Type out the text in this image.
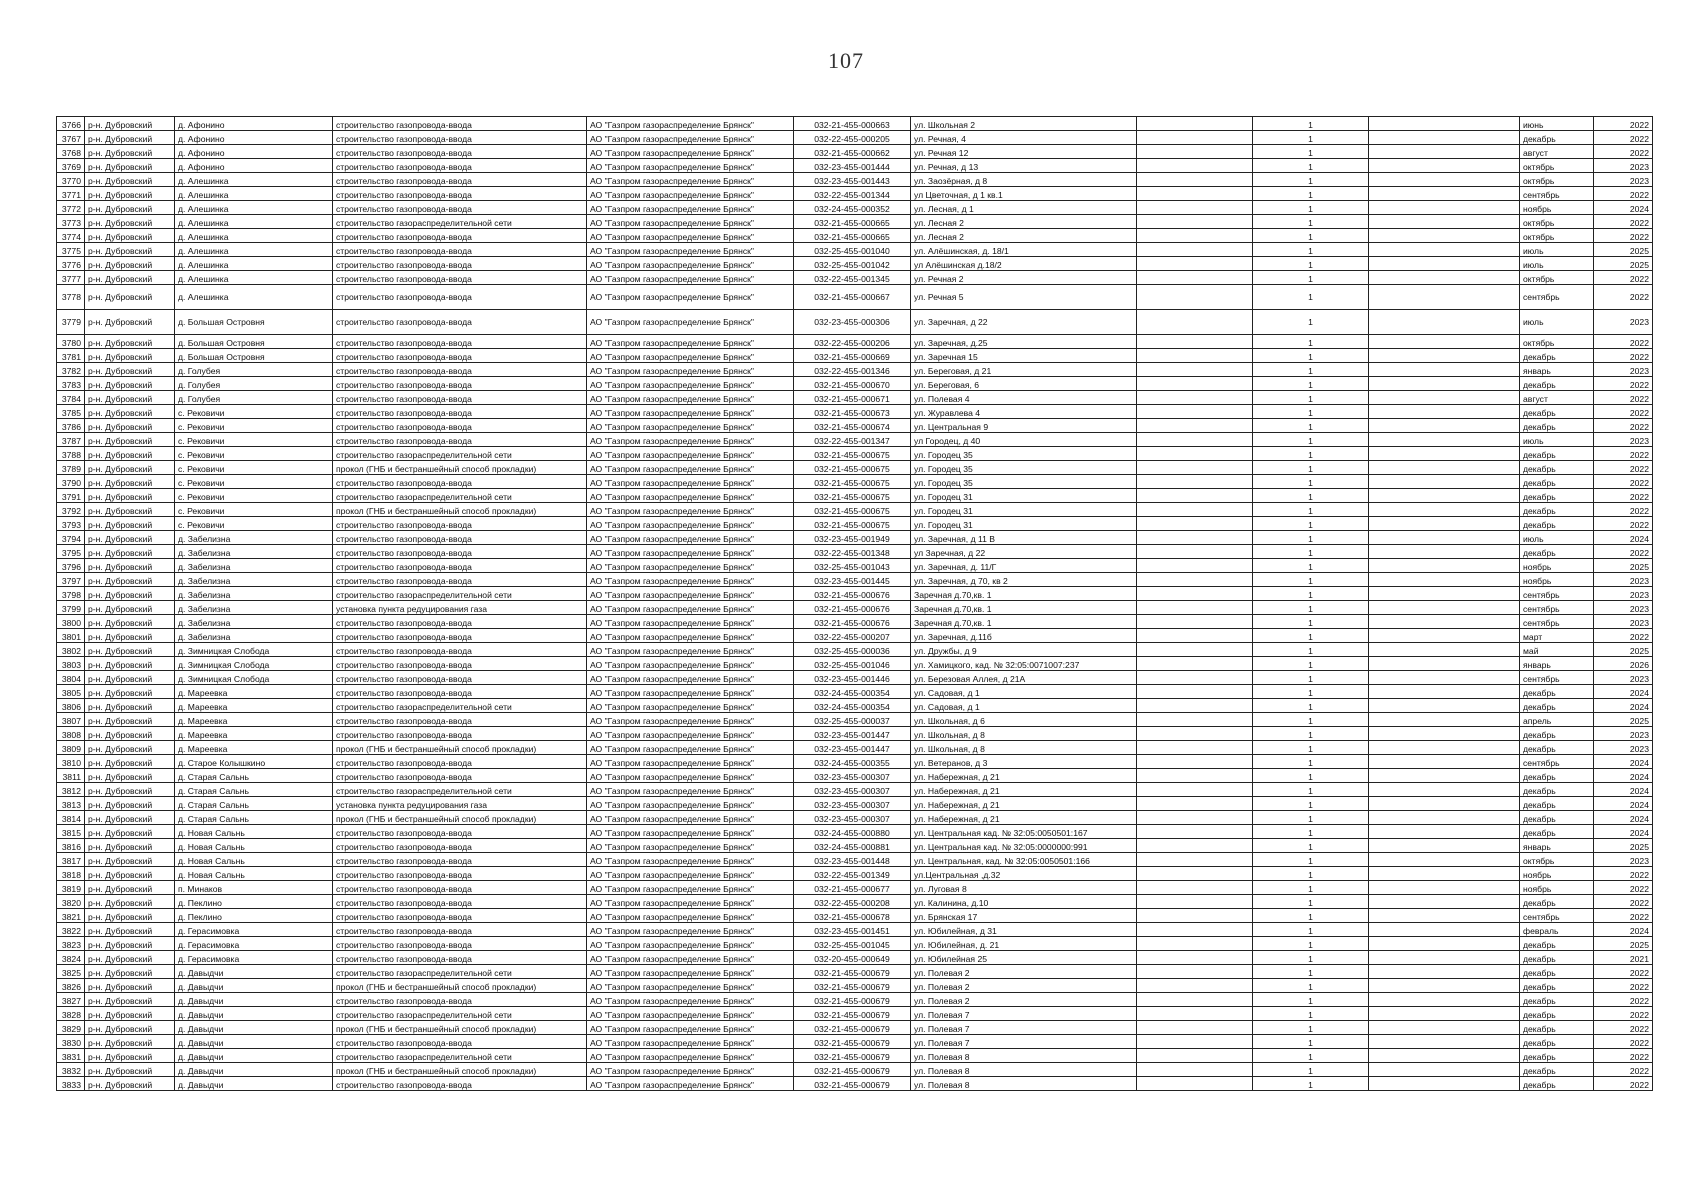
107
3766	р-н. Дубровский	д. Афонино	строительство газопровода-ввода	АО "Газпром газораспределение Брянск"	032-21-455-000663	ул. Школьная 2		1		июнь	2022
3767	р-н. Дубровский	д. Афонино	строительство газопровода-ввода	АО "Газпром газораспределение Брянск"	032-22-455-000205	ул. Речная, 4		1		декабрь	2022
3768	р-н. Дубровский	д. Афонино	строительство газопровода-ввода	АО "Газпром газораспределение Брянск"	032-21-455-000662	ул. Речная 12		1		август	2022
3769	р-н. Дубровский	д. Афонино	строительство газопровода-ввода	АО "Газпром газораспределение Брянск"	032-23-455-001444	ул. Речная, д 13		1		октябрь	2023
3770	р-н. Дубровский	д. Алешинка	строительство газопровода-ввода	АО "Газпром газораспределение Брянск"	032-23-455-001443	ул. Заозёрная, д 8		1		октябрь	2023
3771	р-н. Дубровский	д. Алешинка	строительство газопровода-ввода	АО "Газпром газораспределение Брянск"	032-22-455-001344	ул Цветочная, д 1 кв.1		1		сентябрь	2022
3772	р-н. Дубровский	д. Алешинка	строительство газопровода-ввода	АО "Газпром газораспределение Брянск"	032-24-455-000352	ул. Лесная, д 1		1		ноябрь	2024
3773	р-н. Дубровский	д. Алешинка	строительство газораспределительной сети	АО "Газпром газораспределение Брянск"	032-21-455-000665	ул. Лесная 2		1		октябрь	2022
3774	р-н. Дубровский	д. Алешинка	строительство газопровода-ввода	АО "Газпром газораспределение Брянск"	032-21-455-000665	ул. Лесная 2		1		октябрь	2022
3775	р-н. Дубровский	д. Алешинка	строительство газопровода-ввода	АО "Газпром газораспределение Брянск"	032-25-455-001040	ул. Алёшинская, д. 18/1		1		июль	2025
3776	р-н. Дубровский	д. Алешинка	строительство газопровода-ввода	АО "Газпром газораспределение Брянск"	032-25-455-001042	ул Алёшинская д.18/2		1		июль	2025
3777	р-н. Дубровский	д. Алешинка	строительство газопровода-ввода	АО "Газпром газораспределение Брянск"	032-22-455-001345	ул. Речная 2		1		октябрь	2022
3778	р-н. Дубровский	д. Алешинка	строительство газопровода-ввода	АО "Газпром газораспределение Брянск"	032-21-455-000667	ул. Речная 5		1		сентябрь	2022
3779	р-н. Дубровский	д. Большая Островня	строительство газопровода-ввода	АО "Газпром газораспределение Брянск"	032-23-455-000306	ул. Заречная, д 22		1		июль	2023
3780	р-н. Дубровский	д. Большая Островня	строительство газопровода-ввода	АО "Газпром газораспределение Брянск"	032-22-455-000206	ул. Заречная, д.25		1		октябрь	2022
3781	р-н. Дубровский	д. Большая Островня	строительство газопровода-ввода	АО "Газпром газораспределение Брянск"	032-21-455-000669	ул. Заречная 15		1		декабрь	2022
3782	р-н. Дубровский	д. Голубея	строительство газопровода-ввода	АО "Газпром газораспределение Брянск"	032-22-455-001346	ул. Береговая, д 21		1		январь	2023
3783	р-н. Дубровский	д. Голубея	строительство газопровода-ввода	АО "Газпром газораспределение Брянск"	032-21-455-000670	ул. Береговая, 6		1		декабрь	2022
3784	р-н. Дубровский	д. Голубея	строительство газопровода-ввода	АО "Газпром газораспределение Брянск"	032-21-455-000671	ул. Полевая 4		1		август	2022
3785	р-н. Дубровский	с. Рековичи	строительство газопровода-ввода	АО "Газпром газораспределение Брянск"	032-21-455-000673	ул. Журавлева 4		1		декабрь	2022
3786	р-н. Дубровский	с. Рековичи	строительство газопровода-ввода	АО "Газпром газораспределение Брянск"	032-21-455-000674	ул. Центральная 9		1		декабрь	2022
3787	р-н. Дубровский	с. Рековичи	строительство газопровода-ввода	АО "Газпром газораспределение Брянск"	032-22-455-001347	ул Городец, д 40		1		июль	2023
3788	р-н. Дубровский	с. Рековичи	строительство газораспределительной сети	АО "Газпром газораспределение Брянск"	032-21-455-000675	ул. Городец 35		1		декабрь	2022
3789	р-н. Дубровский	с. Рековичи	прокол (ГНБ и бестраншейный способ прокладки)	АО "Газпром газораспределение Брянск"	032-21-455-000675	ул. Городец 35		1		декабрь	2022
3790	р-н. Дубровский	с. Рековичи	строительство газопровода-ввода	АО "Газпром газораспределение Брянск"	032-21-455-000675	ул. Городец 35		1		декабрь	2022
3791	р-н. Дубровский	с. Рековичи	строительство газораспределительной сети	АО "Газпром газораспределение Брянск"	032-21-455-000675	ул. Городец 31		1		декабрь	2022
3792	р-н. Дубровский	с. Рековичи	прокол (ГНБ и бестраншейный способ прокладки)	АО "Газпром газораспределение Брянск"	032-21-455-000675	ул. Городец 31		1		декабрь	2022
3793	р-н. Дубровский	с. Рековичи	строительство газопровода-ввода	АО "Газпром газораспределение Брянск"	032-21-455-000675	ул. Городец 31		1		декабрь	2022
3794	р-н. Дубровский	д. Забелизна	строительство газопровода-ввода	АО "Газпром газораспределение Брянск"	032-23-455-001949	ул. Заречная, д 11 В		1		июль	2024
3795	р-н. Дубровский	д. Забелизна	строительство газопровода-ввода	АО "Газпром газораспределение Брянск"	032-22-455-001348	ул Заречная, д 22		1		декабрь	2022
3796	р-н. Дубровский	д. Забелизна	строительство газопровода-ввода	АО "Газпром газораспределение Брянск"	032-25-455-001043	ул. Заречная, д. 11/Г		1		ноябрь	2025
3797	р-н. Дубровский	д. Забелизна	строительство газопровода-ввода	АО "Газпром газораспределение Брянск"	032-23-455-001445	ул. Заречная, д 70, кв 2		1		ноябрь	2023
3798	р-н. Дубровский	д. Забелизна	строительство газораспределительной сети	АО "Газпром газораспределение Брянск"	032-21-455-000676	Заречная д.70,кв. 1		1		сентябрь	2023
3799	р-н. Дубровский	д. Забелизна	установка пункта редуцирования газа	АО "Газпром газораспределение Брянск"	032-21-455-000676	Заречная д.70,кв. 1		1		сентябрь	2023
3800	р-н. Дубровский	д. Забелизна	строительство газопровода-ввода	АО "Газпром газораспределение Брянск"	032-21-455-000676	Заречная д.70,кв. 1		1		сентябрь	2023
3801	р-н. Дубровский	д. Забелизна	строительство газопровода-ввода	АО "Газпром газораспределение Брянск"	032-22-455-000207	ул. Заречная, д.11б		1		март	2022
3802	р-н. Дубровский	д. Зимницкая Слобода	строительство газопровода-ввода	АО "Газпром газораспределение Брянск"	032-25-455-000036	ул. Дружбы, д 9		1		май	2025
3803	р-н. Дубровский	д. Зимницкая Слобода	строительство газопровода-ввода	АО "Газпром газораспределение Брянск"	032-25-455-001046	ул. Хамицкого, кад. № 32:05:0071007:237		1		январь	2026
3804	р-н. Дубровский	д. Зимницкая Слобода	строительство газопровода-ввода	АО "Газпром газораспределение Брянск"	032-23-455-001446	ул. Березовая Аллея, д 21А		1		сентябрь	2023
3805	р-н. Дубровский	д. Мареевка	строительство газопровода-ввода	АО "Газпром газораспределение Брянск"	032-24-455-000354	ул. Садовая, д 1		1		декабрь	2024
3806	р-н. Дубровский	д. Мареевка	строительство газораспределительной сети	АО "Газпром газораспределение Брянск"	032-24-455-000354	ул. Садовая, д 1		1		декабрь	2024
3807	р-н. Дубровский	д. Мареевка	строительство газопровода-ввода	АО "Газпром газораспределение Брянск"	032-25-455-000037	ул. Школьная, д 6		1		апрель	2025
3808	р-н. Дубровский	д. Мареевка	строительство газопровода-ввода	АО "Газпром газораспределение Брянск"	032-23-455-001447	ул. Школьная, д 8		1		декабрь	2023
3809	р-н. Дубровский	д. Мареевка	прокол (ГНБ и бестраншейный способ прокладки)	АО "Газпром газораспределение Брянск"	032-23-455-001447	ул. Школьная, д 8		1		декабрь	2023
3810	р-н. Дубровский	д. Старое Колышкино	строительство газопровода-ввода	АО "Газпром газораспределение Брянск"	032-24-455-000355	ул. Ветеранов, д 3		1		сентябрь	2024
3811	р-н. Дубровский	д. Старая Сальнь	строительство газопровода-ввода	АО "Газпром газораспределение Брянск"	032-23-455-000307	ул. Набережная, д 21		1		декабрь	2024
3812	р-н. Дубровский	д. Старая Сальнь	строительство газораспределительной сети	АО "Газпром газораспределение Брянск"	032-23-455-000307	ул. Набережная, д 21		1		декабрь	2024
3813	р-н. Дубровский	д. Старая Сальнь	установка пункта редуцирования газа	АО "Газпром газораспределение Брянск"	032-23-455-000307	ул. Набережная, д 21		1		декабрь	2024
3814	р-н. Дубровский	д. Старая Сальнь	прокол (ГНБ и бестраншейный способ прокладки)	АО "Газпром газораспределение Брянск"	032-23-455-000307	ул. Набережная, д 21		1		декабрь	2024
3815	р-н. Дубровский	д. Новая Сальнь	строительство газопровода-ввода	АО "Газпром газораспределение Брянск"	032-24-455-000880	ул. Центральная кад. № 32:05:0050501:167		1		декабрь	2024
3816	р-н. Дубровский	д. Новая Сальнь	строительство газопровода-ввода	АО "Газпром газораспределение Брянск"	032-24-455-000881	ул. Центральная кад. № 32:05:0000000:991		1		январь	2025
3817	р-н. Дубровский	д. Новая Сальнь	строительство газопровода-ввода	АО "Газпром газораспределение Брянск"	032-23-455-001448	ул. Центральная, кад. № 32:05:0050501:166		1		октябрь	2023
3818	р-н. Дубровский	д. Новая Сальнь	строительство газопровода-ввода	АО "Газпром газораспределение Брянск"	032-22-455-001349	ул.Центральная ,д.32		1		ноябрь	2022
3819	р-н. Дубровский	п. Минаков	строительство газопровода-ввода	АО "Газпром газораспределение Брянск"	032-21-455-000677	ул. Луговая 8		1		ноябрь	2022
3820	р-н. Дубровский	д. Пеклино	строительство газопровода-ввода	АО "Газпром газораспределение Брянск"	032-22-455-000208	ул. Калинина, д.10		1		декабрь	2022
3821	р-н. Дубровский	д. Пеклино	строительство газопровода-ввода	АО "Газпром газораспределение Брянск"	032-21-455-000678	ул. Брянская 17		1		сентябрь	2022
3822	р-н. Дубровский	д. Герасимовка	строительство газопровода-ввода	АО "Газпром газораспределение Брянск"	032-23-455-001451	ул. Юбилейная, д 31		1		февраль	2024
3823	р-н. Дубровский	д. Герасимовка	строительство газопровода-ввода	АО "Газпром газораспределение Брянск"	032-25-455-001045	ул. Юбилейная, д. 21		1		декабрь	2025
3824	р-н. Дубровский	д. Герасимовка	строительство газопровода-ввода	АО "Газпром газораспределение Брянск"	032-20-455-000649	ул. Юбилейная 25		1		декабрь	2021
3825	р-н. Дубровский	д. Давыдчи	строительство газораспределительной сети	АО "Газпром газораспределение Брянск"	032-21-455-000679	ул. Полевая 2		1		декабрь	2022
3826	р-н. Дубровский	д. Давыдчи	прокол (ГНБ и бестраншейный способ прокладки)	АО "Газпром газораспределение Брянск"	032-21-455-000679	ул. Полевая 2		1		декабрь	2022
3827	р-н. Дубровский	д. Давыдчи	строительство газопровода-ввода	АО "Газпром газораспределение Брянск"	032-21-455-000679	ул. Полевая 2		1		декабрь	2022
3828	р-н. Дубровский	д. Давыдчи	строительство газораспределительной сети	АО "Газпром газораспределение Брянск"	032-21-455-000679	ул. Полевая 7		1		декабрь	2022
3829	р-н. Дубровский	д. Давыдчи	прокол (ГНБ и бестраншейный способ прокладки)	АО "Газпром газораспределение Брянск"	032-21-455-000679	ул. Полевая 7		1		декабрь	2022
3830	р-н. Дубровский	д. Давыдчи	строительство газопровода-ввода	АО "Газпром газораспределение Брянск"	032-21-455-000679	ул. Полевая 7		1		декабрь	2022
3831	р-н. Дубровский	д. Давыдчи	строительство газораспределительной сети	АО "Газпром газораспределение Брянск"	032-21-455-000679	ул. Полевая 8		1		декабрь	2022
3832	р-н. Дубровский	д. Давыдчи	прокол (ГНБ и бестраншейный способ прокладки)	АО "Газпром газораспределение Брянск"	032-21-455-000679	ул. Полевая 8		1		декабрь	2022
3833	р-н. Дубровский	д. Давыдчи	строительство газопровода-ввода	АО "Газпром газораспределение Брянск"	032-21-455-000679	ул. Полевая 8		1		декабрь	2022
